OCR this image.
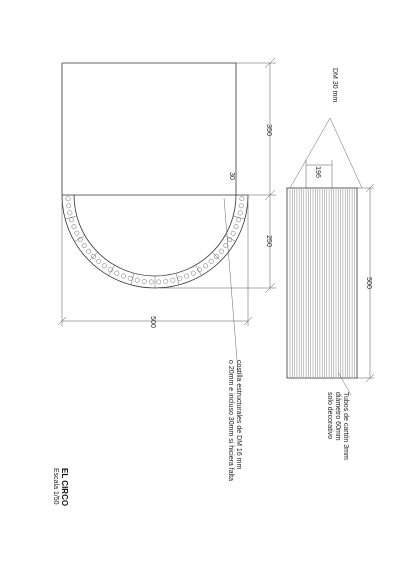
350
250
30
500
DM 30 mm
196
500
Tubos de cartón 3mm
diámetro 60mm
solo decorativo
costilla estructurales de DM 16 mm
o 20mm e incluso 30mm si hiciera falta
EL CIRCO
Escala 1/50
